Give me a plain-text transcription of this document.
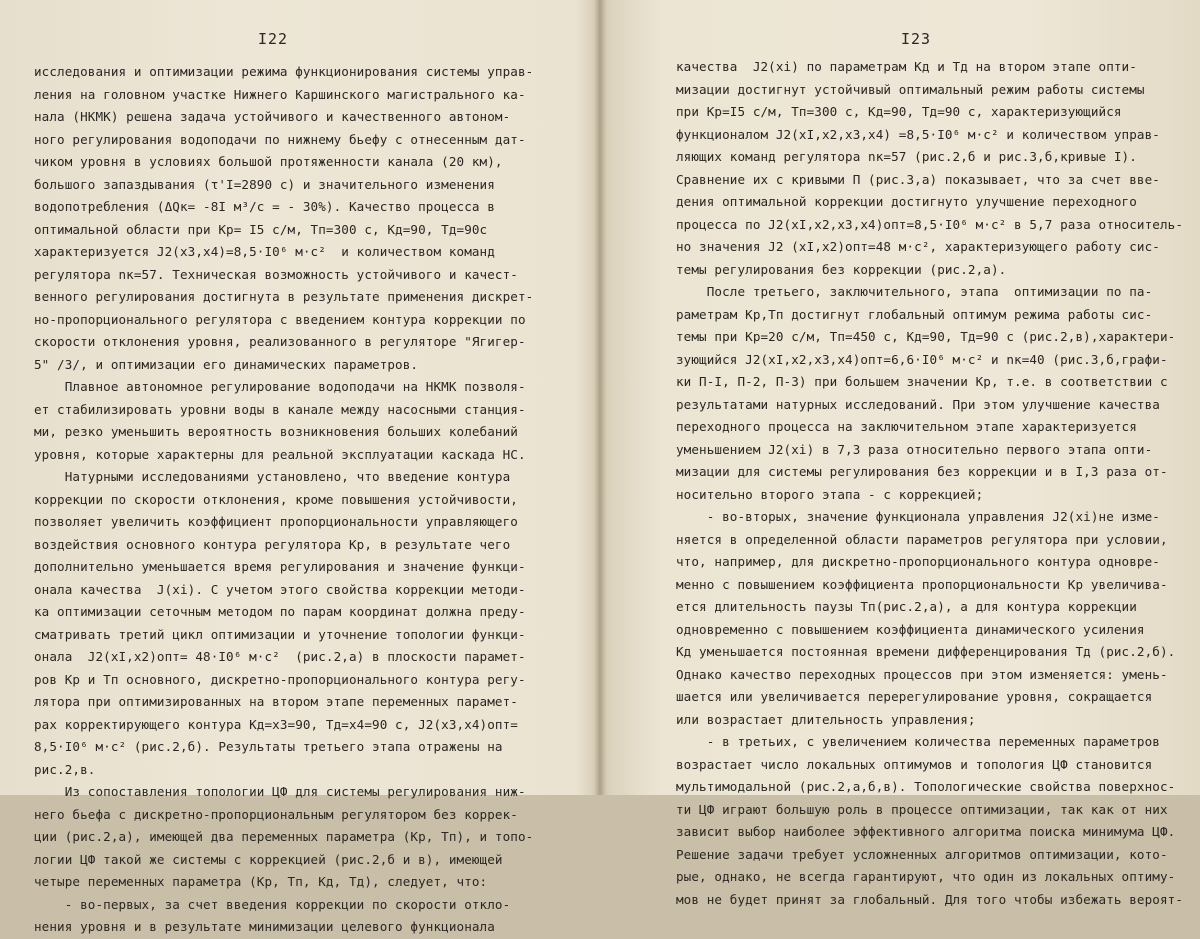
I22
исследования и оптимизации режима функционирования системы управ-
ления на головном участке Нижнего Каршинского магистрального ка-
нала (НКМК) решена задача устойчивого и качественного автоном-
ного регулирования водоподачи по нижнему бьефу с отнесенным дат-
чиком уровня в условиях большой протяженности канала (20 км),
большого запаздывания (τ'I=2890 с) и значительного изменения
водопотребления (ΔQк= -8I м³/с = - 30%). Качество процесса в
оптимальной области при Кр= I5 с/м, Тп=300 с, Кд=90, Тд=90с
характеризуется J2(x3,x4)=8,5·I0⁶ м·с²  и количеством команд
регулятора nк=57. Техническая возможность устойчивого и качест-
венного регулирования достигнута в результате применения дискрет-
но-пропорционального регулятора с введением контура коррекции по
скорости отклонения уровня, реализованного в регуляторе "Ягигер-
5" /3/, и оптимизации его динамических параметров.
Плавное автономное регулирование водоподачи на НКМК позволя-
ет стабилизировать уровни воды в канале между насосными станция-
ми, резко уменьшить вероятность возникновения больших колебаний
уровня, которые характерны для реальной эксплуатации каскада НС.
Натурными исследованиями установлено, что введение контура
коррекции по скорости отклонения, кроме повышения устойчивости,
позволяет увеличить коэффициент пропорциональности управляющего
воздействия основного контура регулятора Кр, в результате чего
дополнительно уменьшается время регулирования и значение функци-
онала качества  J(xi). С учетом этого свойства коррекции методи-
ка оптимизации сеточным методом по парам координат должна преду-
сматривать третий цикл оптимизации и уточнение топологии функци-
онала  J2(xI,x2)опт= 48·I0⁶ м·с²  (рис.2,а) в плоскости парамет-
ров Кр и Тп основного, дискретно-пропорционального контура регу-
лятора при оптимизированных на втором этапе переменных парамет-
рах корректирующего контура Кд=x3=90, Тд=x4=90 с, J2(x3,x4)опт=
8,5·I0⁶ м·с² (рис.2,б). Результаты третьего этапа отражены на
рис.2,в.
Из сопоставления топологии ЦФ для системы регулирования ниж-
него бьефа с дискретно-пропорциональным регулятором без коррек-
ции (рис.2,а), имеющей два переменных параметра (Кр, Тп), и топо-
логии ЦФ такой же системы с коррекцией (рис.2,б и в), имеющей
четыре переменных параметра (Кр, Тп, Кд, Тд), следует, что:
- во-первых, за счет введения коррекции по скорости откло-
нения уровня и в результате минимизации целевого функционала
I23
качества  J2(xi) по параметрам Кд и Тд на втором этапе опти-
мизации достигнут устойчивый оптимальный режим работы системы
при Кр=I5 с/м, Тп=300 с, Кд=90, Тд=90 с, характеризующийся
функционалом J2(xI,x2,x3,x4) =8,5·I0⁶ м·с² и количеством управ-
ляющих команд регулятора nк=57 (рис.2,б и рис.3,б,кривые I).
Сравнение их с кривыми П (рис.3,а) показывает, что за счет вве-
дения оптимальной коррекции достигнуто улучшение переходного
процесса по J2(xI,x2,x3,x4)опт=8,5·I0⁶ м·с² в 5,7 раза относитель-
но значения J2 (xI,x2)опт=48 м·с², характеризующего работу сис-
темы регулирования без коррекции (рис.2,а).
После третьего, заключительного, этапа  оптимизации по па-
раметрам Кр,Тп достигнут глобальный оптимум режима работы сис-
темы при Кр=20 с/м, Тп=450 с, Кд=90, Тд=90 с (рис.2,в),характери-
зующийся J2(xI,x2,x3,x4)опт=6,6·I0⁶ м·с² и nк=40 (рис.3,б,графи-
ки П-I, П-2, П-3) при большем значении Кр, т.е. в соответствии с
результатами натурных исследований. При этом улучшение качества
переходного процесса на заключительном этапе характеризуется
уменьшением J2(xi) в 7,3 раза относительно первого этапа опти-
мизации для системы регулирования без коррекции и в I,3 раза от-
носительно второго этапа - с коррекцией;
- во-вторых, значение функционала управления J2(xi)не изме-
няется в определенной области параметров регулятора при условии,
что, например, для дискретно-пропорционального контура одновре-
менно с повышением коэффициента пропорциональности Кр увеличива-
ется длительность паузы Тп(рис.2,а), а для контура коррекции
одновременно с повышением коэффициента динамического усиления
Кд уменьшается постоянная времени дифференцирования Тд (рис.2,б).
Однако качество переходных процессов при этом изменяется: умень-
шается или увеличивается перерегулирование уровня, сокращается
или возрастает длительность управления;
- в третьих, с увеличением количества переменных параметров
возрастает число локальных оптимумов и топология ЦФ становится
мультимодальной (рис.2,а,б,в). Топологические свойства поверхнос-
ти ЦФ играют большую роль в процессе оптимизации, так как от них
зависит выбор наиболее эффективного алгоритма поиска минимума ЦФ.
Решение задачи требует усложненных алгоритмов оптимизации, кото-
рые, однако, не всегда гарантируют, что один из локальных оптиму-
мов не будет принят за глобальный. Для того чтобы избежать вероят-
